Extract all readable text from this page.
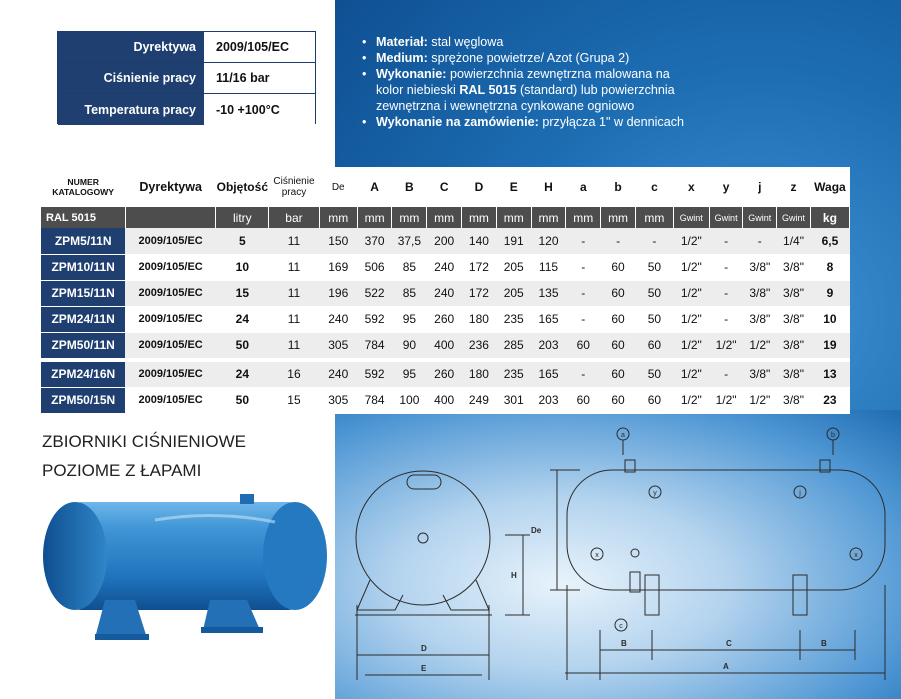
Dyrektywa	2009/105/EC
Ciśnienie pracy	11/16 bar
Temperatura pracy	-10 +100°C
• Materiał: stal węglowa
• Medium: sprężone powietrze/ Azot (Grupa 2)
• Wykonanie: powierzchnia zewnętrzna malowana na
kolor niebieski RAL 5015 (standard) lub powierzchnia
zewnętrzna i wewnętrzna cynkowane ogniowo
• Wykonanie na zamówienie: przyłącza 1" w dennicach
NUMER KATALOGOWY	Dyrektywa	Objętość	Ciśnienie pracy	De	A	B	C	D	E	H	a	b	c	x	y	j	z	Waga
RAL 5015		litry	bar	mm	mm	mm	mm	mm	mm	mm	mm	mm	mm	Gwint	Gwint	Gwint	Gwint	kg
ZPM5/11N	2009/105/EC	5	11	150	370	37,5	200	140	191	120	-	-	-	1/2"	-	-	1/4"	6,5
ZPM10/11N	2009/105/EC	10	11	169	506	85	240	172	205	115	-	60	50	1/2"	-	3/8"	3/8"	8
ZPM15/11N	2009/105/EC	15	11	196	522	85	240	172	205	135	-	60	50	1/2"	-	3/8"	3/8"	9
ZPM24/11N	2009/105/EC	24	11	240	592	95	260	180	235	165	-	60	50	1/2"	-	3/8"	3/8"	10
ZPM50/11N	2009/105/EC	50	11	305	784	90	400	236	285	203	60	60	60	1/2"	1/2"	1/2"	3/8"	19

ZPM24/16N	2009/105/EC	24	16	240	592	95	260	180	235	165	-	60	50	1/2"	-	3/8"	3/8"	13
ZPM50/15N	2009/105/EC	50	15	305	784	100	400	249	301	203	60	60	60	1/2"	1/2"	1/2"	3/8"	23
ZBIORNIKI CIŚNIENIOWE
POZIOME Z ŁAPAMI
De
H
D
E
B	C	B
A
a	b
y	j
x	x
c
